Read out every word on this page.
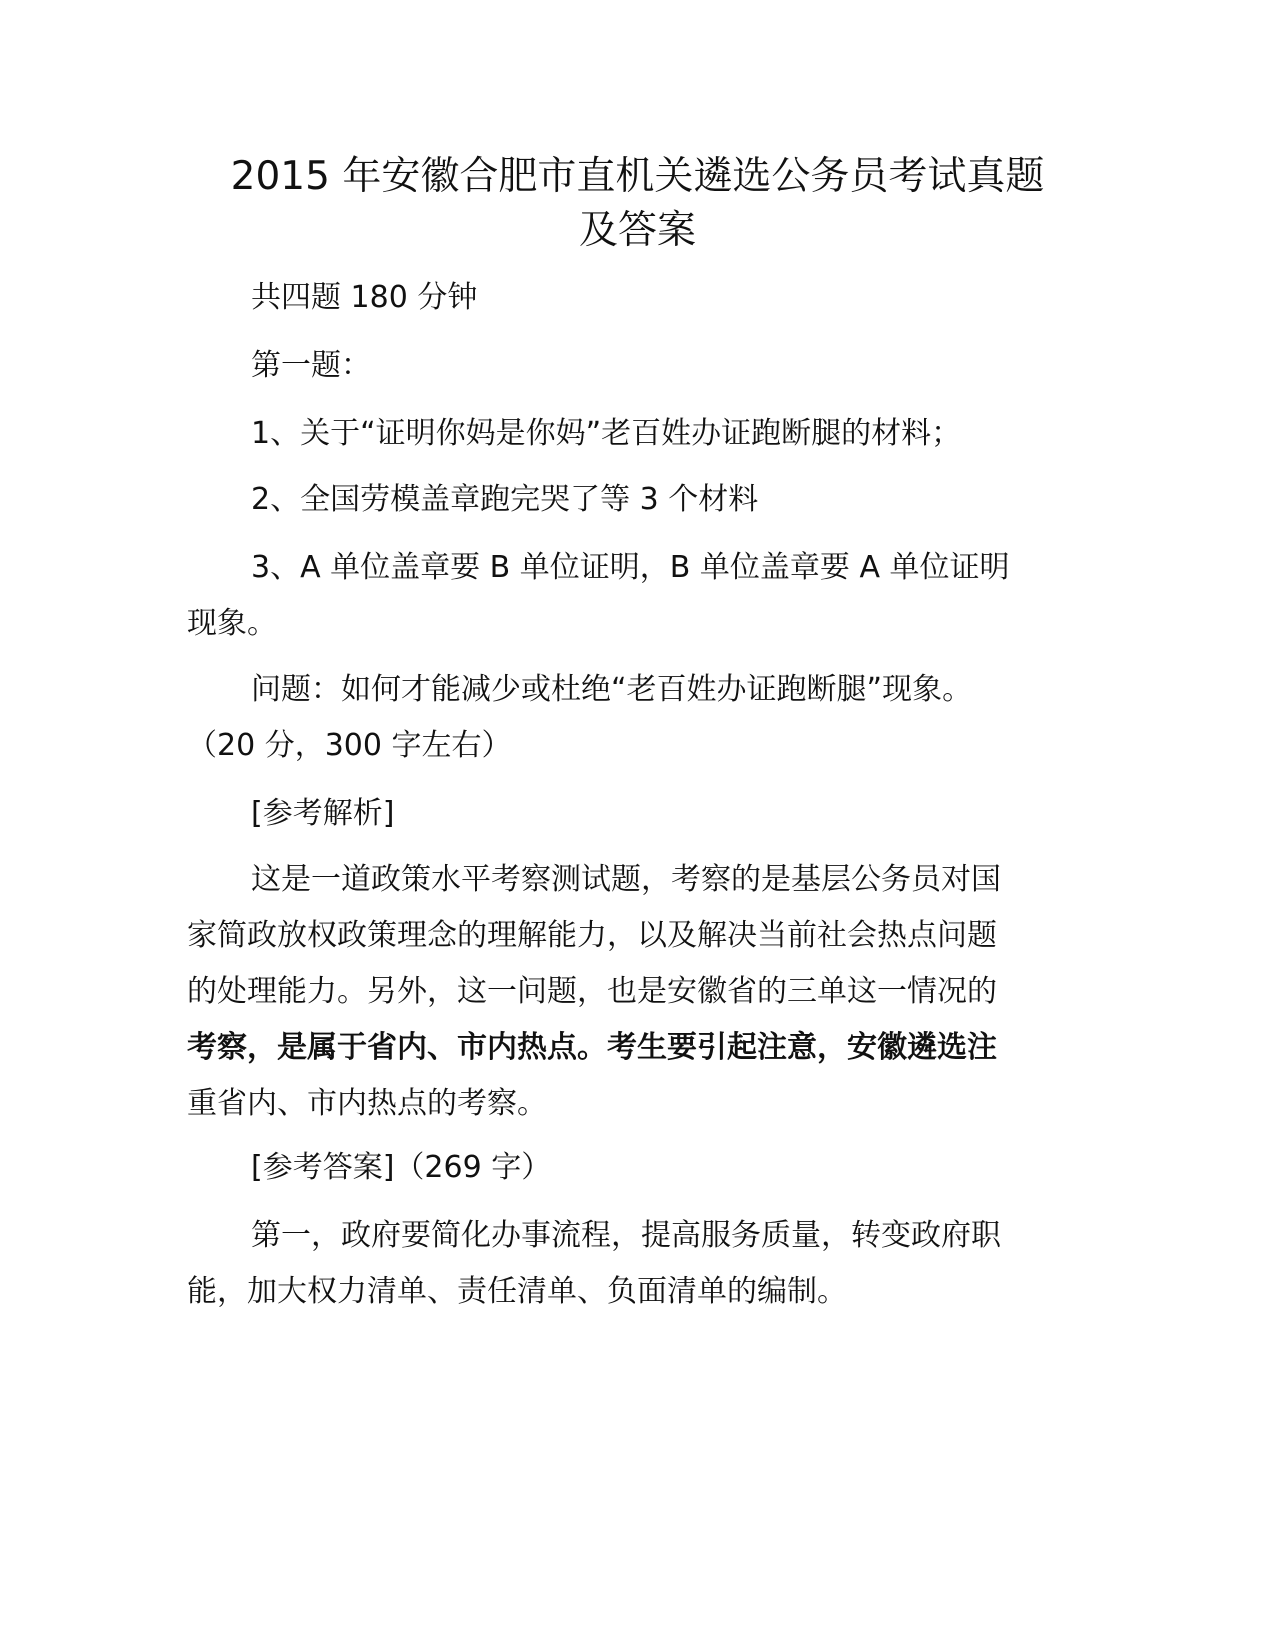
2015 年安徽合肥市直机关遴选公务员考试真题
及答案

共四题 180 分钟

第一题：

1、关于“证明你妈是你妈”老百姓办证跑断腿的材料；

2、全国劳模盖章跑完哭了等 3 个材料

3、A 单位盖章要 B 单位证明，B 单位盖章要 A 单位证明
现象。
问题：如何才能减少或杜绝“老百姓办证跑断腿”现象。
（20 分，300 字左右）

[参考解析]

这是一道政策水平考察测试题，考察的是基层公务员对国
家简政放权政策理念的理解能力，以及解决当前社会热点问题
的处理能力。另外，这一问题，也是安徽省的三单这一情况的
考察，是属于省内、市内热点。考生要引起注意，安徽遴选注
重省内、市内热点的考察。

[参考答案]（269 字）

第一，政府要简化办事流程，提高服务质量，转变政府职
能，加大权力清单、责任清单、负面清单的编制。
